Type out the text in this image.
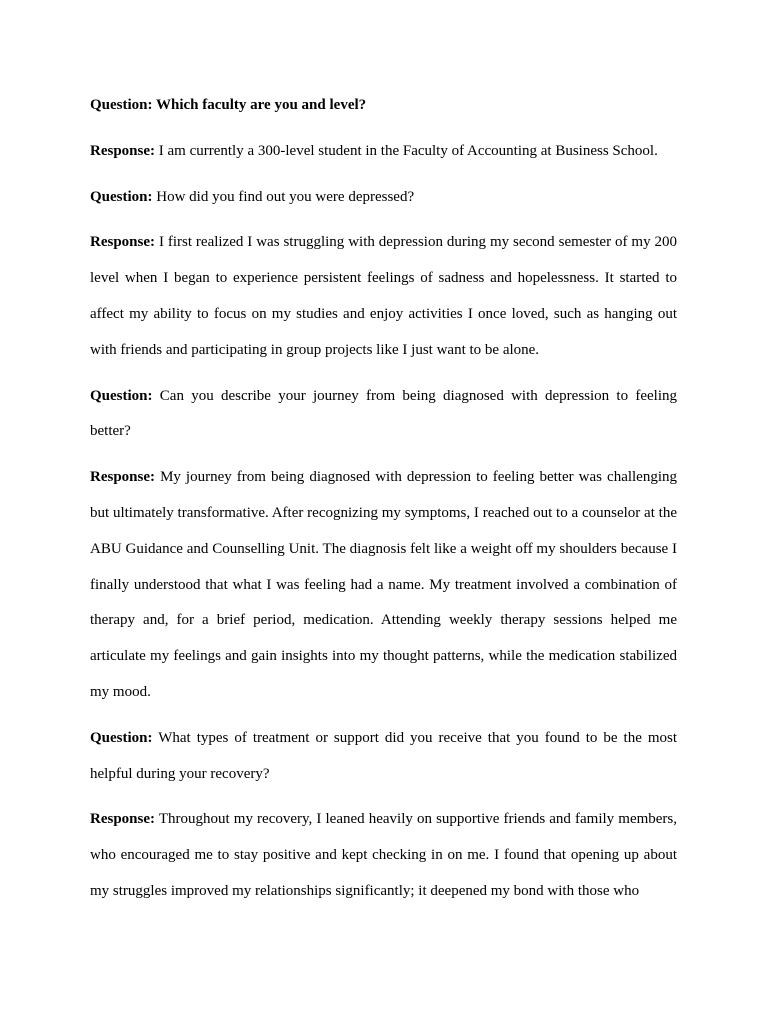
Question: Which faculty are you and level?

Response: I am currently a 300-level student in the Faculty of Accounting at Business School.

Question: How did you find out you were depressed?

Response: I first realized I was struggling with depression during my second semester of my 200 level when I began to experience persistent feelings of sadness and hopelessness. It started to affect my ability to focus on my studies and enjoy activities I once loved, such as hanging out with friends and participating in group projects like I just want to be alone.

Question: Can you describe your journey from being diagnosed with depression to feeling better?

Response: My journey from being diagnosed with depression to feeling better was challenging but ultimately transformative. After recognizing my symptoms, I reached out to a counselor at the ABU Guidance and Counselling Unit. The diagnosis felt like a weight off my shoulders because I finally understood that what I was feeling had a name. My treatment involved a combination of therapy and, for a brief period, medication. Attending weekly therapy sessions helped me articulate my feelings and gain insights into my thought patterns, while the medication stabilized my mood.

Question: What types of treatment or support did you receive that you found to be the most helpful during your recovery?

Response: Throughout my recovery, I leaned heavily on supportive friends and family members, who encouraged me to stay positive and kept checking in on me. I found that opening up about my struggles improved my relationships significantly; it deepened my bond with those who
